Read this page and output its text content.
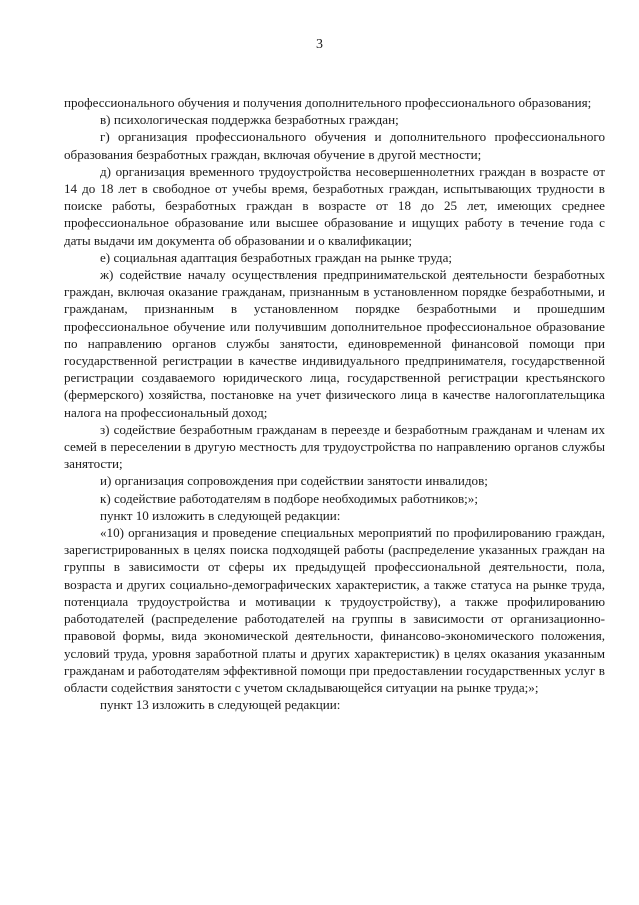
3

профессионального обучения и получения дополнительного профессионального образования;

в) психологическая поддержка безработных граждан;

г) организация профессионального обучения и дополнительного профессионального образования безработных граждан, включая обучение в другой местности;

д) организация временного трудоустройства несовершеннолетних граждан в возрасте от 14 до 18 лет в свободное от учебы время, безработных граждан, испытывающих трудности в поиске работы, безработных граждан в возрасте от 18 до 25 лет, имеющих среднее профессиональное образование или высшее образование и ищущих работу в течение года с даты выдачи им документа об образовании и о квалификации;

е) социальная адаптация безработных граждан на рынке труда;

ж) содействие началу осуществления предпринимательской деятельности безработных граждан, включая оказание гражданам, признанным в установленном порядке безработными, и гражданам, признанным в установленном порядке безработными и прошедшим профессиональное обучение или получившим дополнительное профессиональное образование по направлению органов службы занятости, единовременной финансовой помощи при государственной регистрации в качестве индивидуального предпринимателя, государственной регистрации создаваемого юридического лица, государственной регистрации крестьянского (фермерского) хозяйства, постановке на учет физического лица в качестве налогоплательщика налога на профессиональный доход;

з) содействие безработным гражданам в переезде и безработным гражданам и членам их семей в переселении в другую местность для трудоустройства по направлению органов службы занятости;

и) организация сопровождения при содействии занятости инвалидов;

к) содействие работодателям в подборе необходимых работников;»;

пункт 10 изложить в следующей редакции:

«10) организация и проведение специальных мероприятий по профилированию граждан, зарегистрированных в целях поиска подходящей работы (распределение указанных граждан на группы в зависимости от сферы их предыдущей профессиональной деятельности, пола, возраста и других социально-демографических характеристик, а также статуса на рынке труда, потенциала трудоустройства и мотивации к трудоустройству), а также профилированию работодателей (распределение работодателей на группы в зависимости от организационно-правовой формы, вида экономической деятельности, финансово-экономического положения, условий труда, уровня заработной платы и других характеристик) в целях оказания указанным гражданам и работодателям эффективной помощи при предоставлении государственных услуг в области содействия занятости с учетом складывающейся ситуации на рынке труда;»;

пункт 13 изложить в следующей редакции:
